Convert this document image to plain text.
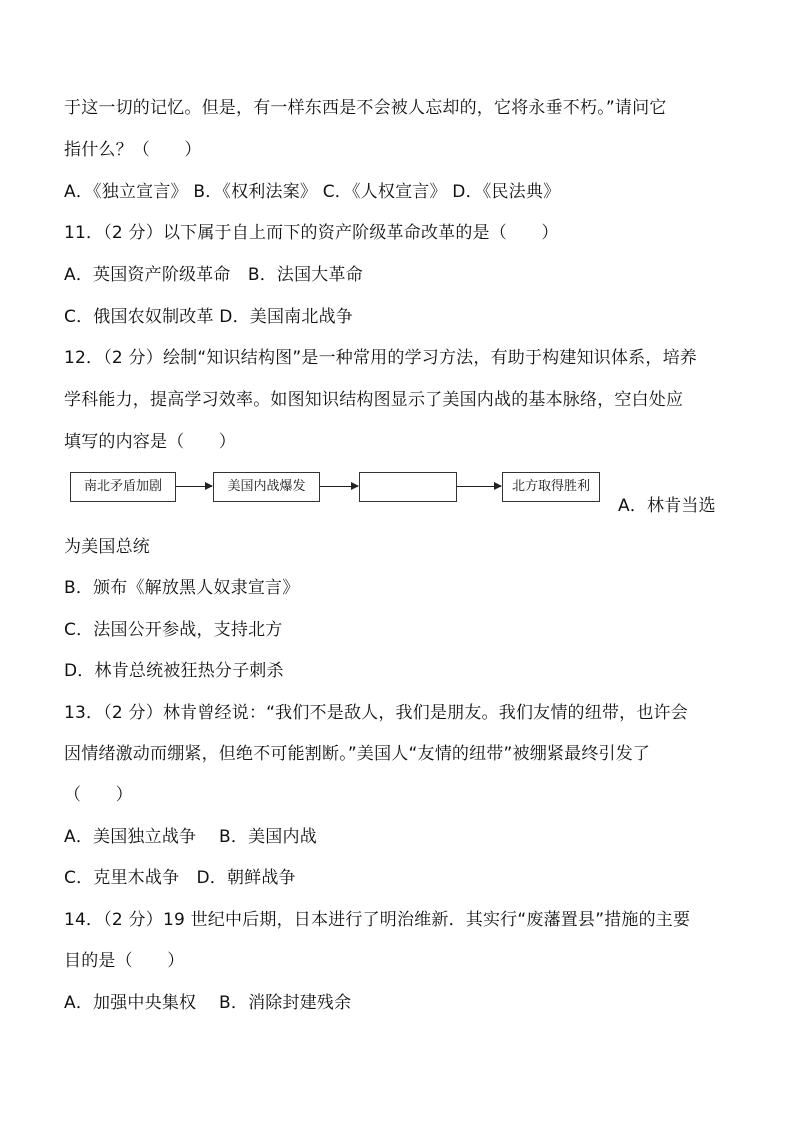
于这一切的记忆。但是，有一样东西是不会被人忘却的，它将永垂不朽。”请问它
指什么？（　　）
A．《独立宣言》 B．《权利法案》 C．《人权宣言》 D．《民法典》
11．（2 分）以下属于自上而下的资产阶级革命改革的是（　　）
A．英国资产阶级革命　B．法国大革命
C．俄国农奴制改革 D．美国南北战争
12．（2 分）绘制“知识结构图”是一种常用的学习方法，有助于构建知识体系，培养
学科能力，提高学习效率。如图知识结构图显示了美国内战的基本脉络，空白处应
填写的内容是（　　）
南北矛盾加剧	美国内战爆发	北方取得胜利
A．林肯当选
为美国总统
B．颁布《解放黑人奴隶宣言》
C．法国公开参战，支持北方
D．林肯总统被狂热分子刺杀
13．（2 分）林肯曾经说：“我们不是敌人，我们是朋友。我们友情的纽带，也许会
因情绪激动而绷紧，但绝不可能割断。”美国人“友情的纽带”被绷紧最终引发了
（　　）
A．美国独立战争　 B．美国内战
C．克里木战争　D．朝鲜战争
14．（2 分）19 世纪中后期，日本进行了明治维新．其实行“废藩置县”措施的主要
目的是（　　）
A．加强中央集权　 B．消除封建残余
